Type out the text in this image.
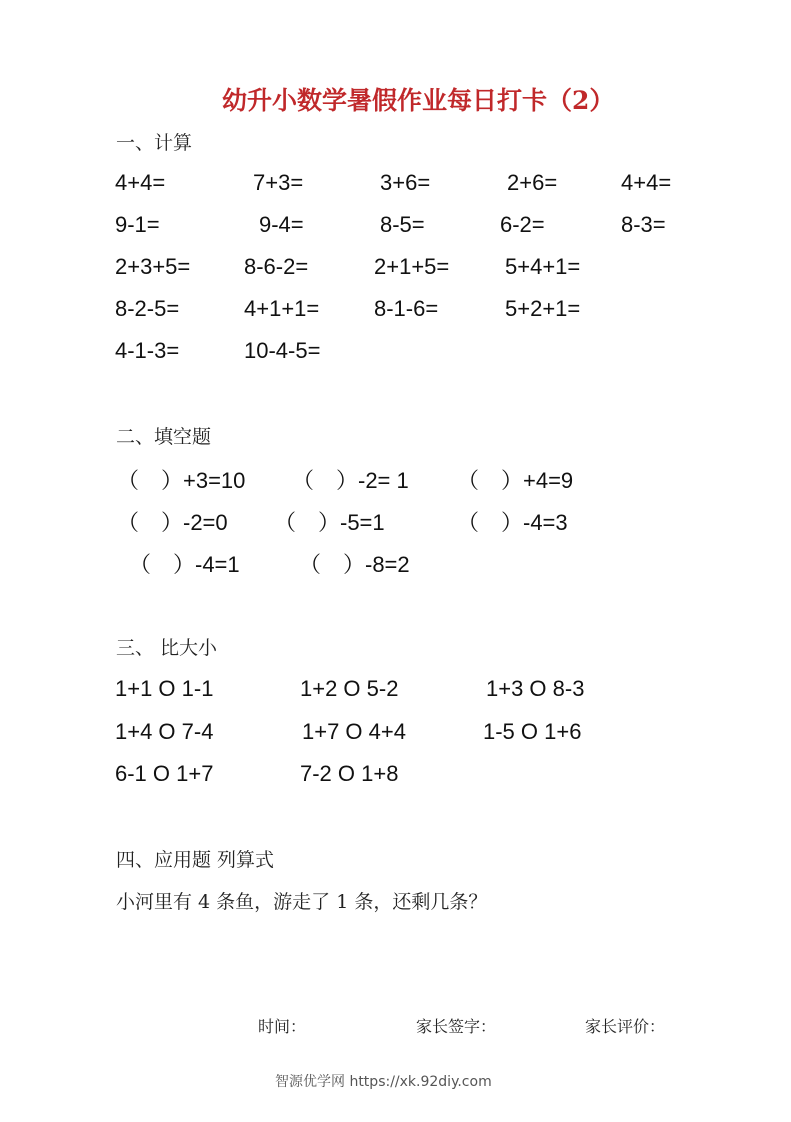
幼升小数学暑假作业每日打卡（2）
一、计算
4+4=	7+3=	3+6=	2+6=	4+4=
9-1=	9-4=	8-5=	6-2=	8-3=
2+3+5= 8-6-2=	2+1+5=	5+4+1=
8-2-5=	4+1+1= 8-1-6=	5+2+1=
4-1-3=	10-4-5=
二、填空题
（　）+3=10 （　）-2= 1 （　）+4=9
（　）-2=0 （　）-5=1	（　）-4=3
（　）-4=1	（　）-8=2
三、 比大小
1+1 O 1-1	1+2 O 5-2	1+3 O 8-3
1+4 O 7-4	1+7 O 4+4	1-5 O 1+6
6-1 O 1+7	7-2 O 1+8
四、应用题 列算式
小河里有 4 条鱼，游走了 1 条，还剩几条？
时间：	家长签字：	家长评价：
智源优学网 https://xk.92diy.com
